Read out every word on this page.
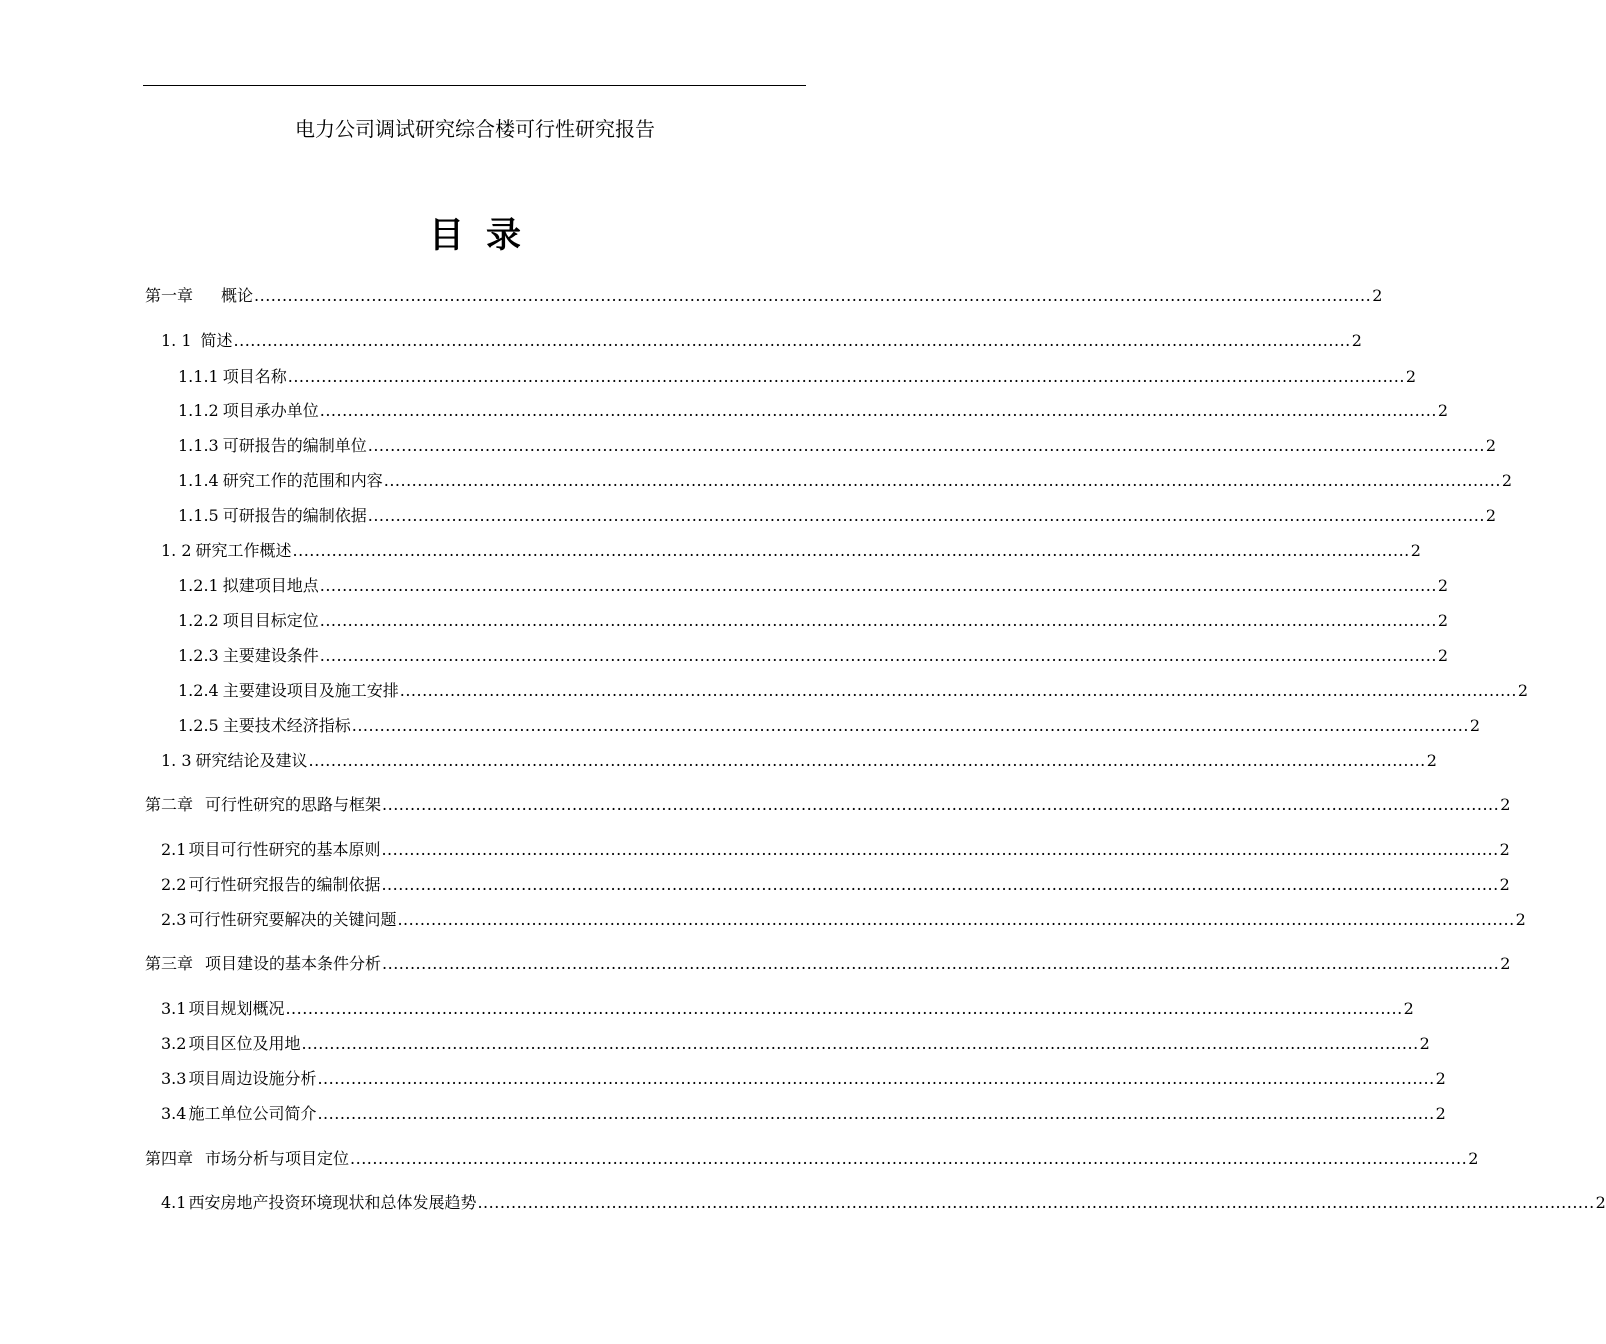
电力公司调试研究综合楼可行性研究报告
目录
第一章 概论 ........................................................................................................................................................................................................ 2
1. 1 简述 ........................................................................................................................................................................................................ 2
1.1.1 项目名称 ........................................................................................................................................................................................................ 2
1.1.2 项目承办单位 ........................................................................................................................................................................................................ 2
1.1.3 可研报告的编制单位 ........................................................................................................................................................................................................ 2
1.1.4 研究工作的范围和内容 ........................................................................................................................................................................................................ 2
1.1.5 可研报告的编制依据 ........................................................................................................................................................................................................ 2
1. 2 研究工作概述 ........................................................................................................................................................................................................ 2
1.2.1 拟建项目地点 ........................................................................................................................................................................................................ 2
1.2.2 项目目标定位 ........................................................................................................................................................................................................ 2
1.2.3 主要建设条件 ........................................................................................................................................................................................................ 2
1.2.4 主要建设项目及施工安排 ........................................................................................................................................................................................................ 2
1.2.5 主要技术经济指标 ........................................................................................................................................................................................................ 2
1. 3 研究结论及建议 ........................................................................................................................................................................................................ 2
第二章 可行性研究的思路与框架 ........................................................................................................................................................................................................ 2
2.1 项目可行性研究的基本原则 ........................................................................................................................................................................................................ 2
2.2 可行性研究报告的编制依据 ........................................................................................................................................................................................................ 2
2.3 可行性研究要解决的关键问题 ........................................................................................................................................................................................................ 2
第三章 项目建设的基本条件分析 ........................................................................................................................................................................................................ 2
3.1 项目规划概况 ........................................................................................................................................................................................................ 2
3.2 项目区位及用地 ........................................................................................................................................................................................................ 2
3.3 项目周边设施分析 ........................................................................................................................................................................................................ 2
3.4 施工单位公司简介 ........................................................................................................................................................................................................ 2
第四章 市场分析与项目定位 ........................................................................................................................................................................................................ 2
4.1 西安房地产投资环境现状和总体发展趋势 ........................................................................................................................................................................................................ 2
